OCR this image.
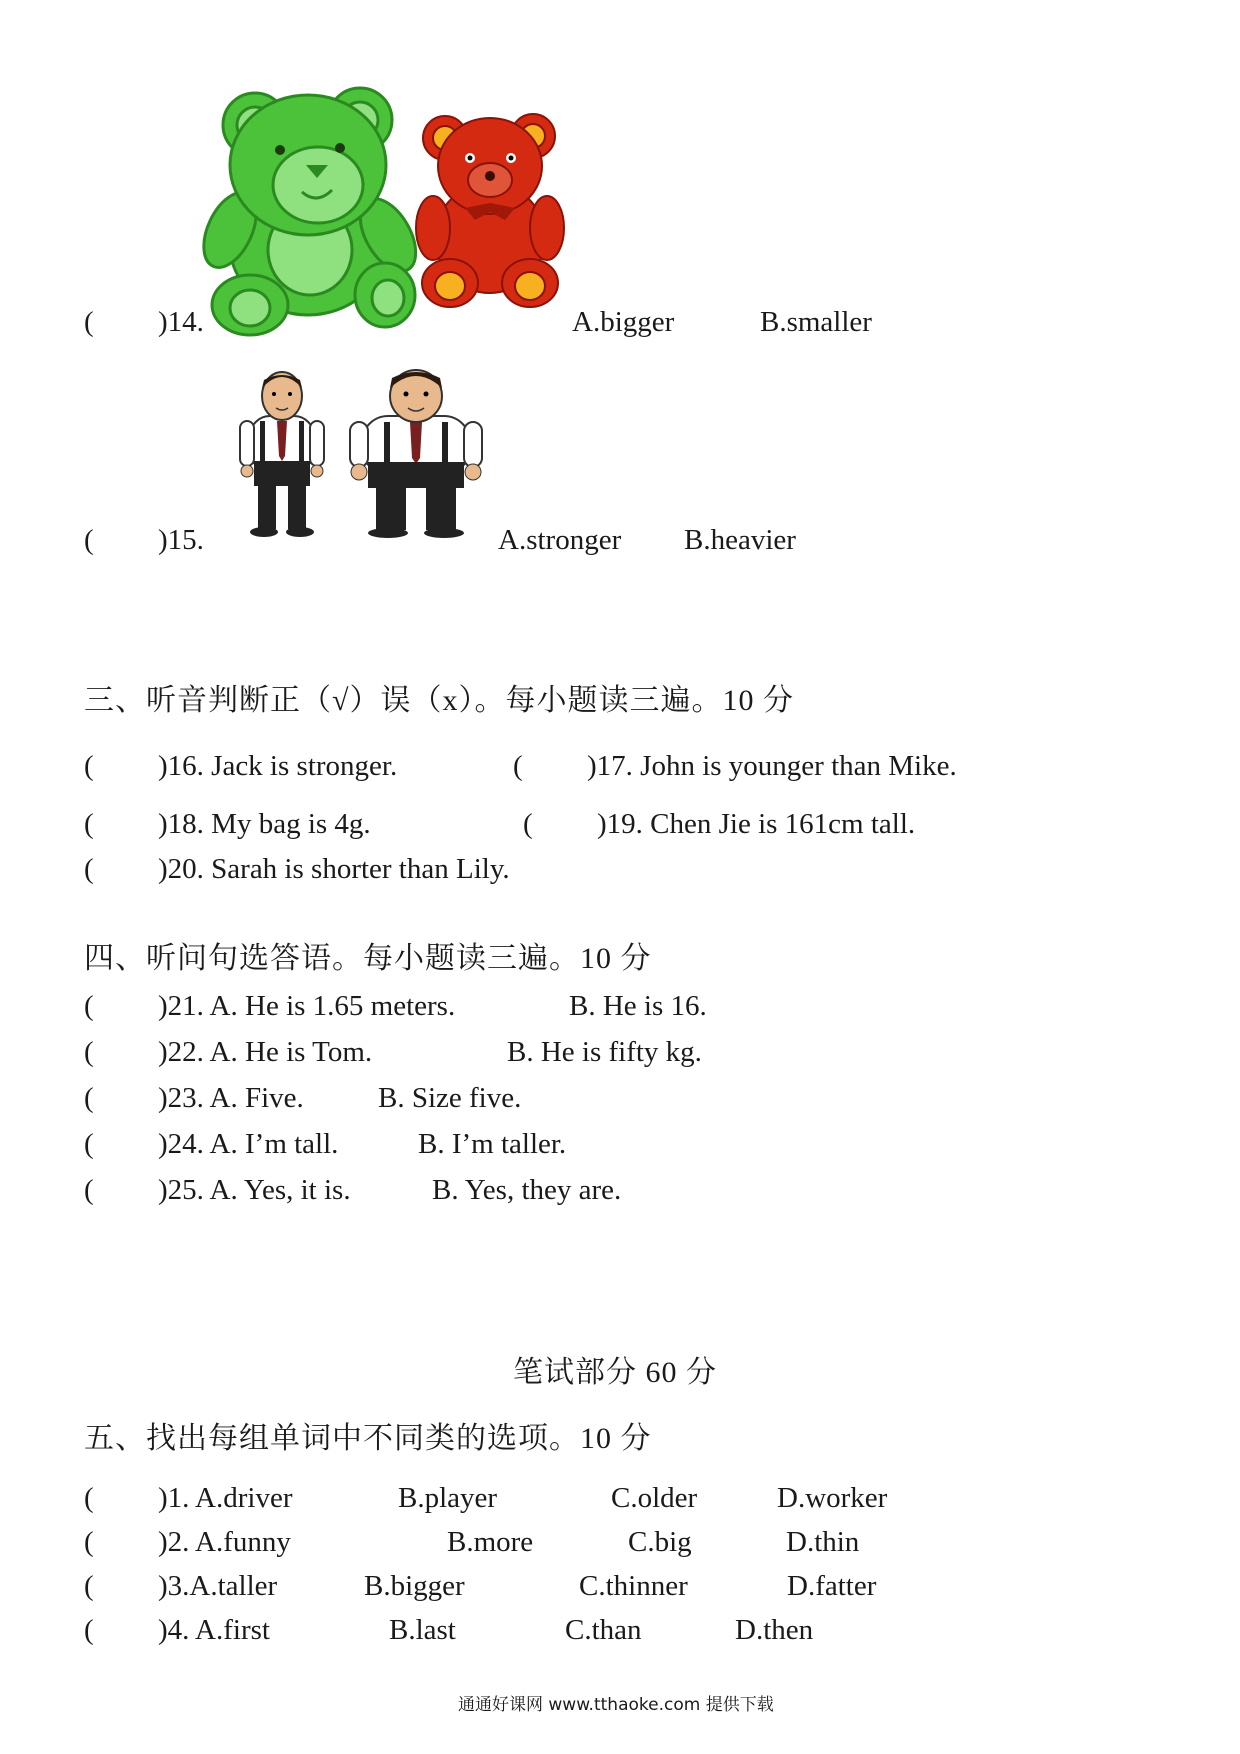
( )14.	A.bigger	B.smaller
( )15.	A.stronger B.heavier
三、听音判断正（√）误（x）。每小题读三遍。10 分
( )16. Jack is stronger.	( )17. John is younger than Mike.
( )18. My bag is 4g.	( )19. Chen Jie is 161cm tall.
( )20. Sarah is shorter than Lily.
四、听问句选答语。每小题读三遍。10 分
( )21. A. He is 1.65 meters.	B. He is 16.
( )22. A. He is Tom.	B. He is fifty kg.
( )23. A. Five.	B. Size five.
( )24. A. I’m tall.	B. I’m taller.
( )25. A. Yes, it is.	B. Yes, they are.
笔试部分 60 分
五、找出每组单词中不同类的选项。10 分
( )1. A.driver	B.player	C.older	D.worker
( )2. A.funny	B.more	C.big	D.thin
( )3.A.taller	B.bigger	C.thinner	D.fatter
( )4. A.first	B.last	C.than	D.then
通通好课网 www.tthaoke.com 提供下载
